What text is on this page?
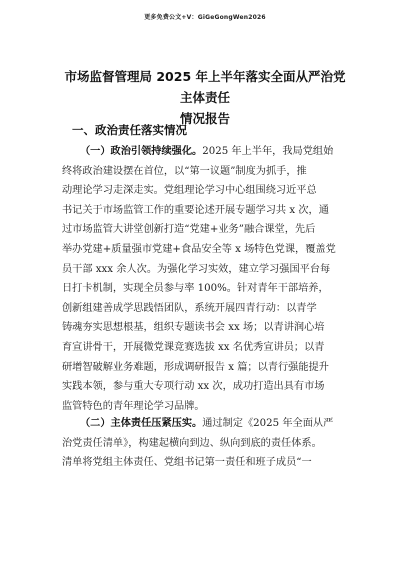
更多免费公文+V：GiGeGongWen2026
市场监督管理局 2025 年上半年落实全面从严治党主体责任
情况报告
一、政治责任落实情况
（一）政治引领持续强化。2025 年上半年，我局党组始
终将政治建设摆在首位，以“第一议题”制度为抓手，推
动理论学习走深走实。党组理论学习中心组围绕习近平总
书记关于市场监管工作的重要论述开展专题学习共 x 次，通
过市场监管大讲堂创新打造“党建+业务”融合课堂，先后
举办党建+质量强市党建+食品安全等 x 场特色党课，覆盖党
员干部 xxx 余人次。为强化学习实效，建立学习强国平台每
日打卡机制，实现全员参与率 100%。针对青年干部培养，
创新组建善成学思践悟团队，系统开展四青行动：以青学
铸魂夯实思想根基，组织专题读书会 xx 场；以青讲润心培
育宣讲骨干，开展微党课竞赛选拔 xx 名优秀宣讲员；以青
研增智破解业务难题，形成调研报告 x 篇；以青行强能提升
实践本领，参与重大专项行动 xx 次，成功打造出具有市场
监管特色的青年理论学习品牌。
（二）主体责任压紧压实。通过制定《2025 年全面从严
治党责任清单》，构建起横向到边、纵向到底的责任体系。
清单将党组主体责任、党组书记第一责任和班子成员“一
